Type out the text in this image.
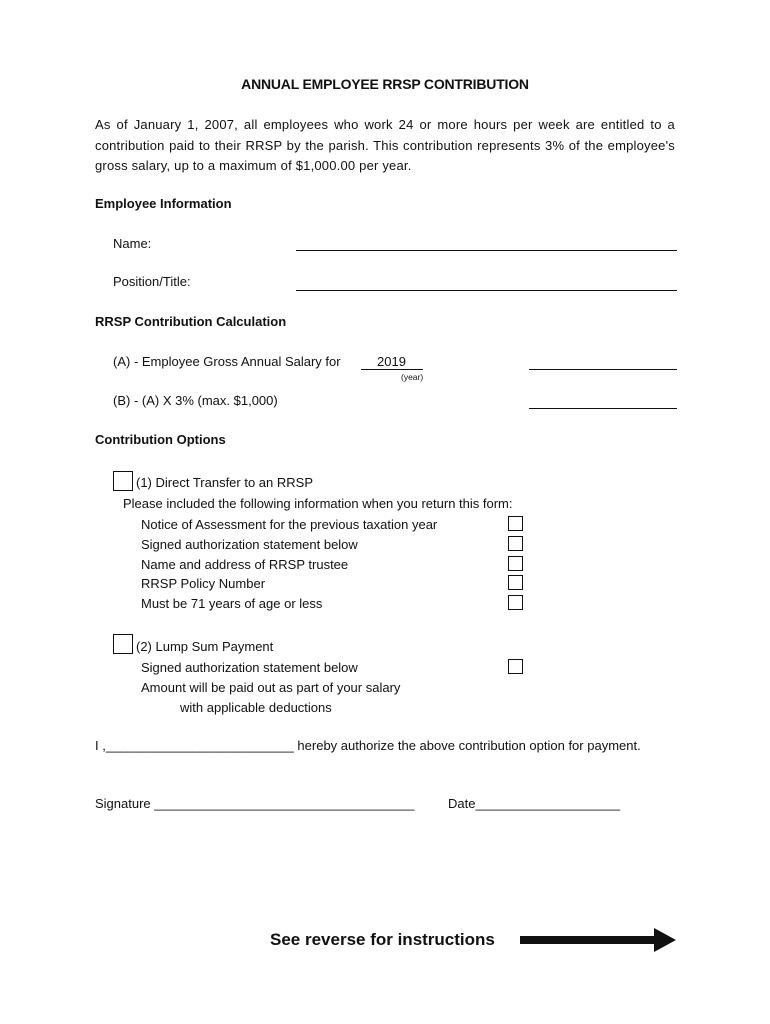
ANNUAL EMPLOYEE RRSP CONTRIBUTION
As of January 1, 2007, all employees who work 24 or more hours per week are entitled to a contribution paid to their RRSP by the parish. This contribution represents 3% of the employee's gross salary, up to a maximum of $1,000.00 per year.
Employee Information
Name:
Position/Title:
RRSP Contribution Calculation
(A) - Employee Gross Annual Salary for	2019
(year)
(B) - (A) X 3% (max. $1,000)
Contribution Options
(1) Direct Transfer to an RRSP
Please included the following information when you return this form:
Notice of Assessment for the previous taxation year
Signed authorization statement below
Name and address of RRSP trustee
RRSP Policy Number
Must be 71 years of age or less
(2) Lump Sum Payment
Signed authorization statement below
Amount will be paid out as part of your salary
with applicable deductions
I ,__________________________ hereby authorize the above contribution option for payment.
Signature ____________________________________	Date____________________
See reverse for instructions
